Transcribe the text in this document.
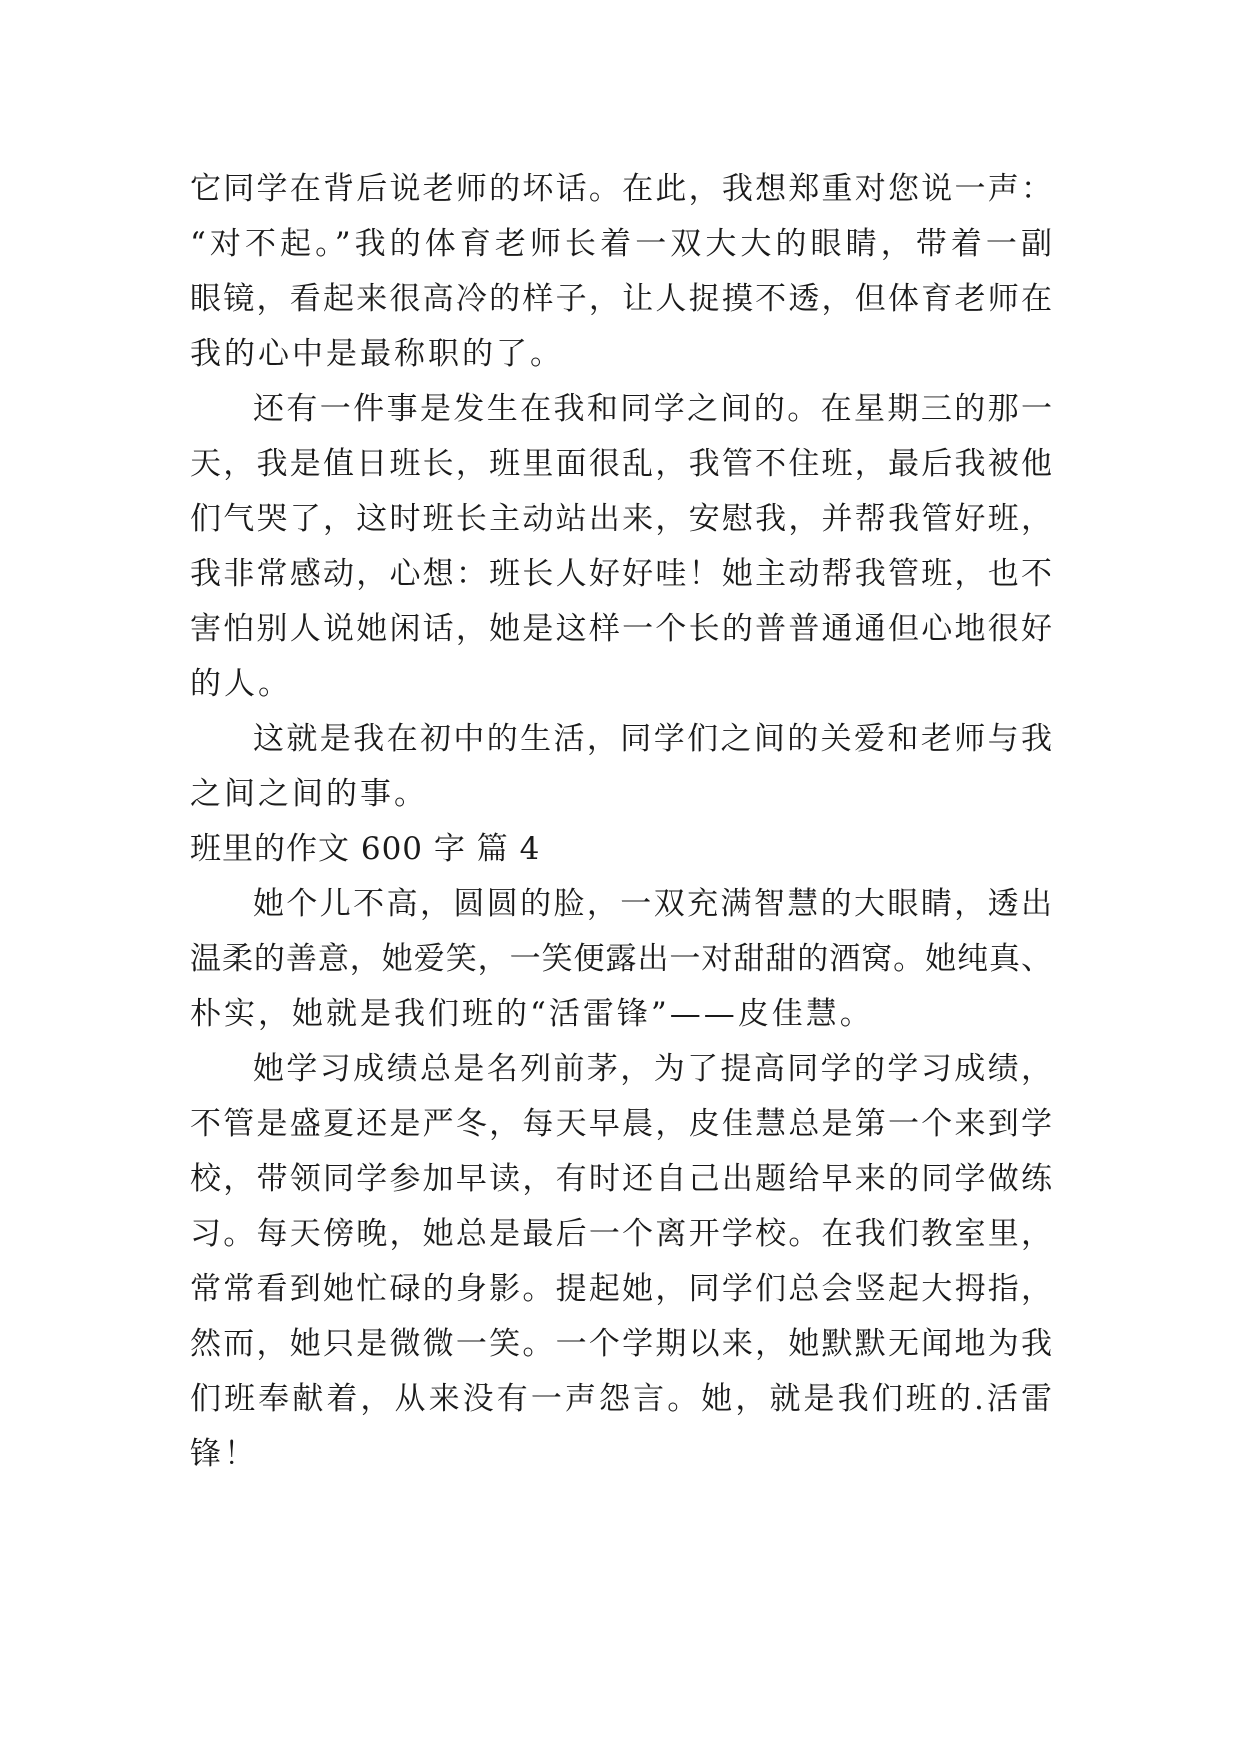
它同学在背后说老师的坏话。在此，我想郑重对您说一声：
“对不起。”我的体育老师长着一双大大的眼睛，带着一副
眼镜，看起来很高冷的样子，让人捉摸不透，但体育老师在
我的心中是最称职的了。
还有一件事是发生在我和同学之间的。在星期三的那一
天，我是值日班长，班里面很乱，我管不住班，最后我被他
们气哭了，这时班长主动站出来，安慰我，并帮我管好班，
我非常感动，心想：班长人好好哇！她主动帮我管班，也不
害怕别人说她闲话，她是这样一个长的普普通通但心地很好
的人。
这就是我在初中的生活，同学们之间的关爱和老师与我
之间之间的事。
班里的作文 600 字 篇 4
她个儿不高，圆圆的脸，一双充满智慧的大眼睛，透出
温柔的善意，她爱笑，一笑便露出一对甜甜的酒窝。她纯真、
朴实，她就是我们班的“活雷锋”——皮佳慧。
她学习成绩总是名列前茅，为了提高同学的学习成绩，
不管是盛夏还是严冬，每天早晨，皮佳慧总是第一个来到学
校，带领同学参加早读，有时还自己出题给早来的同学做练
习。每天傍晚，她总是最后一个离开学校。在我们教室里，
常常看到她忙碌的身影。提起她，同学们总会竖起大拇指，
然而，她只是微微一笑。一个学期以来，她默默无闻地为我
们班奉献着，从来没有一声怨言。她，就是我们班的.活雷
锋！
